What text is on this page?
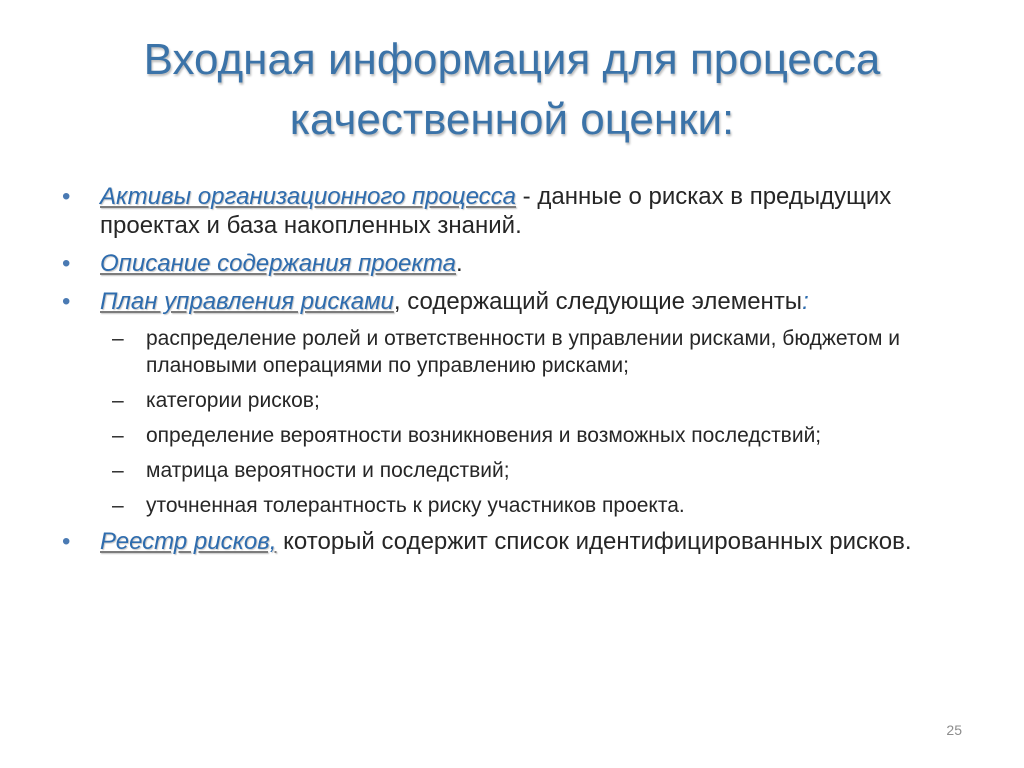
Входная информация для процесса
качественной оценки:
• Активы организационного процесса - данные о рисках в предыдущих проектах и база накопленных знаний.
• Описание содержания проекта.
• План управления рисками, содержащий следующие элементы:
– распределение ролей и ответственности в управлении рисками, бюджетом и плановыми операциями по управлению рисками;
– категории рисков;
– определение вероятности возникновения и возможных последствий;
– матрица вероятности и последствий;
– уточненная толерантность к риску участников проекта.
• Реестр рисков, который содержит список идентифицированных рисков.
25
